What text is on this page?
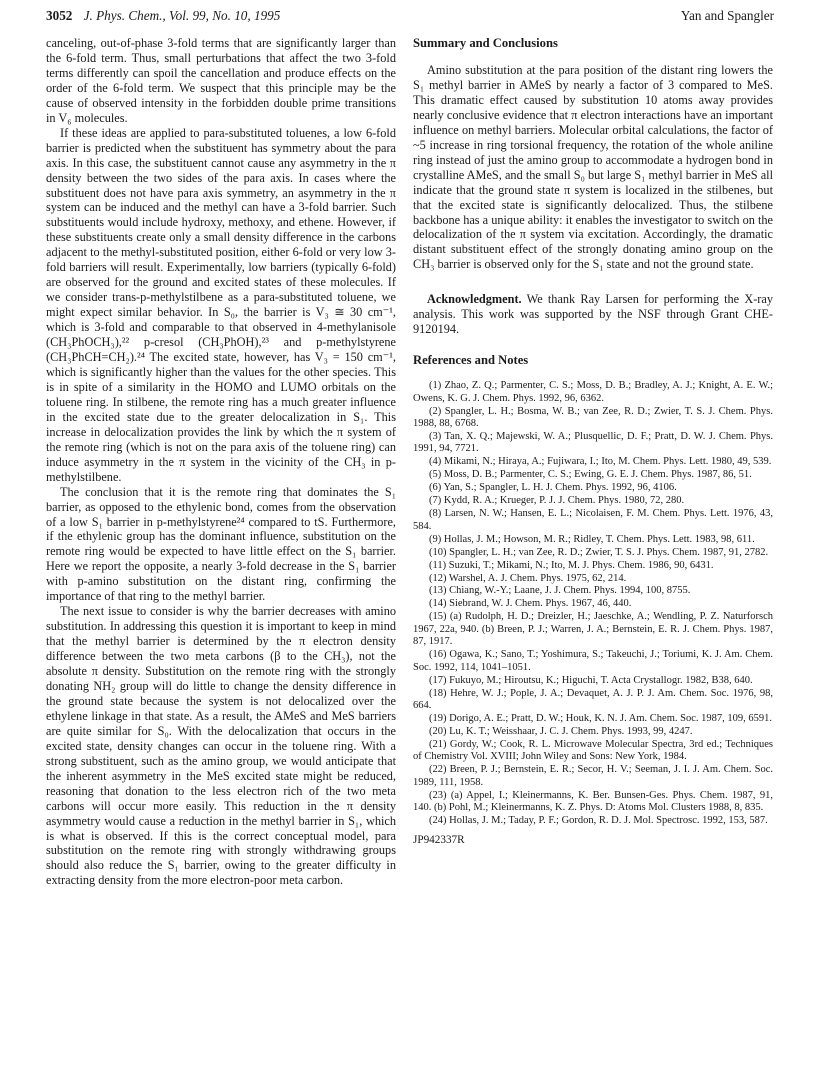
3052 J. Phys. Chem., Vol. 99, No. 10, 1995	Yan and Spangler

canceling, out-of-phase 3-fold terms that are significantly larger than the 6-fold term. Thus, small perturbations that affect the two 3-fold terms differently can spoil the cancellation and produce effects on the order of the 6-fold term. We suspect that this principle may be the cause of observed intensity in the forbidden double prime transitions in V₆ molecules.

If these ideas are applied to para-substituted toluenes, a low 6-fold barrier is predicted when the substituent has symmetry about the para axis. In this case, the substituent cannot cause any asymmetry in the π density between the two sides of the para axis. In cases where the substituent does not have para axis symmetry, an asymmetry in the π system can be induced and the methyl can have a 3-fold barrier. Such substituents would include hydroxy, methoxy, and ethene. However, if these substituents create only a small density difference in the carbons adjacent to the methyl-substituted position, either 6-fold or very low 3-fold barriers will result. Experimentally, low barriers (typically 6-fold) are observed for the ground and excited states of these molecules. If we consider trans-p-methylstilbene as a para-substituted toluene, we might expect similar behavior. In S₀, the barrier is V₃ ≅ 30 cm⁻¹, which is 3-fold and comparable to that observed in 4-methylanisole (CH₃PhOCH₃),²² p-cresol (CH₃PhOH),²³ and p-methylstyrene (CH₃PhCH=CH₂).²⁴ The excited state, however, has V₃ = 150 cm⁻¹, which is significantly higher than the values for the other species. This is in spite of a similarity in the HOMO and LUMO orbitals on the toluene ring. In stilbene, the remote ring has a much greater influence in the excited state due to the greater delocalization in S₁. This increase in delocalization provides the link by which the π system of the remote ring (which is not on the para axis of the toluene ring) can induce asymmetry in the π system in the vicinity of the CH₃ in p-methylstilbene.

The conclusion that it is the remote ring that dominates the S₁ barrier, as opposed to the ethylenic bond, comes from the observation of a low S₁ barrier in p-methylstyrene²⁴ compared to tS. Furthermore, if the ethylenic group has the dominant influence, substitution on the remote ring would be expected to have little effect on the S₁ barrier. Here we report the opposite, a nearly 3-fold decrease in the S₁ barrier with p-amino substitution on the distant ring, confirming the importance of that ring to the methyl barrier.

The next issue to consider is why the barrier decreases with amino substitution. In addressing this question it is important to keep in mind that the methyl barrier is determined by the π electron density difference between the two meta carbons (β to the CH₃), not the absolute π density. Substitution on the remote ring with the strongly donating NH₂ group will do little to change the density difference in the ground state because the system is not delocalized over the ethylene linkage in that state. As a result, the AMeS and MeS barriers are quite similar for S₀. With the delocalization that occurs in the excited state, density changes can occur in the toluene ring. With a strong substituent, such as the amino group, we would anticipate that the inherent asymmetry in the MeS excited state might be reduced, reasoning that donation to the less electron rich of the two meta carbons will occur more easily. This reduction in the π density asymmetry would cause a reduction in the methyl barrier in S₁, which is what is observed. If this is the correct conceptual model, para substitution on the remote ring with strongly withdrawing groups should also reduce the S₁ barrier, owing to the greater difficulty in extracting density from the more electron-poor meta carbon.

Summary and Conclusions

Amino substitution at the para position of the distant ring lowers the S₁ methyl barrier in AMeS by nearly a factor of 3 compared to MeS. This dramatic effect caused by substitution 10 atoms away provides nearly conclusive evidence that π electron interactions have an important influence on methyl barriers. Molecular orbital calculations, the factor of ~5 increase in ring torsional frequency, the rotation of the whole aniline ring instead of just the amino group to accommodate a hydrogen bond in crystalline AMeS, and the small S₀ but large S₁ methyl barrier in MeS all indicate that the ground state π system is localized in the stilbenes, but that the excited state is significantly delocalized. Thus, the stilbene backbone has a unique ability: it enables the investigator to switch on the delocalization of the π system via excitation. Accordingly, the dramatic distant substituent effect of the strongly donating amino group on the CH₃ barrier is observed only for the S₁ state and not the ground state.

Acknowledgment. We thank Ray Larsen for performing the X-ray analysis. This work was supported by the NSF through Grant CHE-9120194.

References and Notes

(1) Zhao, Z. Q.; Parmenter, C. S.; Moss, D. B.; Bradley, A. J.; Knight, A. E. W.; Owens, K. G. J. Chem. Phys. 1992, 96, 6362.

(2) Spangler, L. H.; Bosma, W. B.; van Zee, R. D.; Zwier, T. S. J. Chem. Phys. 1988, 88, 6768.

(3) Tan, X. Q.; Majewski, W. A.; Plusquellic, D. F.; Pratt, D. W. J. Chem. Phys. 1991, 94, 7721.

(4) Mikami, N.; Hiraya, A.; Fujiwara, I.; Ito, M. Chem. Phys. Lett. 1980, 49, 539.

(5) Moss, D. B.; Parmenter, C. S.; Ewing, G. E. J. Chem. Phys. 1987, 86, 51.

(6) Yan, S.; Spangler, L. H. J. Chem. Phys. 1992, 96, 4106.

(7) Kydd, R. A.; Krueger, P. J. J. Chem. Phys. 1980, 72, 280.

(8) Larsen, N. W.; Hansen, E. L.; Nicolaisen, F. M. Chem. Phys. Lett. 1976, 43, 584.

(9) Hollas, J. M.; Howson, M. R.; Ridley, T. Chem. Phys. Lett. 1983, 98, 611.

(10) Spangler, L. H.; van Zee, R. D.; Zwier, T. S. J. Phys. Chem. 1987, 91, 2782.

(11) Suzuki, T.; Mikami, N.; Ito, M. J. Phys. Chem. 1986, 90, 6431.

(12) Warshel, A. J. Chem. Phys. 1975, 62, 214.

(13) Chiang, W.-Y.; Laane, J. J. Chem. Phys. 1994, 100, 8755.

(14) Siebrand, W. J. Chem. Phys. 1967, 46, 440.

(15) (a) Rudolph, H. D.; Dreizler, H.; Jaeschke, A.; Wendling, P. Z. Naturforsch 1967, 22a, 940. (b) Breen, P. J.; Warren, J. A.; Bernstein, E. R. J. Chem. Phys. 1987, 87, 1917.

(16) Ogawa, K.; Sano, T.; Yoshimura, S.; Takeuchi, J.; Toriumi, K. J. Am. Chem. Soc. 1992, 114, 1041–1051.

(17) Fukuyo, M.; Hiroutsu, K.; Higuchi, T. Acta Crystallogr. 1982, B38, 640.

(18) Hehre, W. J.; Pople, J. A.; Devaquet, A. J. P. J. Am. Chem. Soc. 1976, 98, 664.

(19) Dorigo, A. E.; Pratt, D. W.; Houk, K. N. J. Am. Chem. Soc. 1987, 109, 6591.

(20) Lu, K. T.; Weisshaar, J. C. J. Chem. Phys. 1993, 99, 4247.

(21) Gordy, W.; Cook, R. L. Microwave Molecular Spectra, 3rd ed.; Techniques of Chemistry Vol. XVIII; John Wiley and Sons: New York, 1984.

(22) Breen, P. J.; Bernstein, E. R.; Secor, H. V.; Seeman, J. I. J. Am. Chem. Soc. 1989, 111, 1958.

(23) (a) Appel, I.; Kleinermanns, K. Ber. Bunsen-Ges. Phys. Chem. 1987, 91, 140. (b) Pohl, M.; Kleinermanns, K. Z. Phys. D: Atoms Mol. Clusters 1988, 8, 835.

(24) Hollas, J. M.; Taday, P. F.; Gordon, R. D. J. Mol. Spectrosc. 1992, 153, 587.

JP942337R
